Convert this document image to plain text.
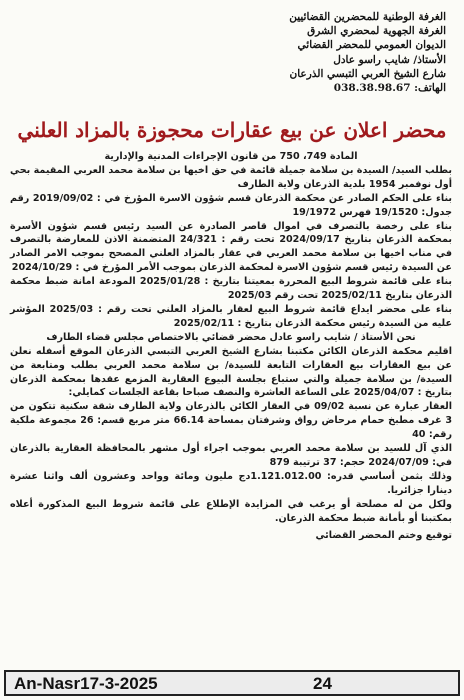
الغرفة الوطنية للمحضرين القضائيين
الغرفة الجهوية لمحضري الشرق
الديوان العمومي للمحضر القضائي
الأستاذ/ شايب راسو عادل
شارع الشيخ العربي التبسي الذرعان
الهاتف: 038.38.98.67
محضر اعلان عن بيع عقارات محجوزة بالمزاد العلني

المادة 749، 750 من قانون الإجراءات المدنية والإدارية

بطلب السيد/ السيدة بن سلامة جميلة قائمة في حق اخيها بن سلامة محمد العربي المقيمة بحي أول نوفمبر 1954 بلدية الذرعان ولاية الطارف

بناء على الحكم الصادر عن محكمة الذرعان قسم شؤون الاسرة المؤرخ في : 2019/09/02 رقم جدول: 19/1520 فهرس 19/1972

بناء على رخصة بالتصرف في اموال قاصر الصادرة عن السيد رئيس قسم شؤون الأسرة بمحكمة الذرعان بتاريخ 2024/09/17 تحت رقم : 24/321 المتضمنة الاذن للمعارضة بالتصرف في مناب اخيها بن سلامة محمد العربي في عقار بالمزاد العلني المصحح بموجب الامر الصادر عن السيدة رئيس قسم شؤون الاسرة لمحكمة الذرعان بموجب الأمر المؤرخ في : 2024/10/29

بناء على قائمة شروط البيع المحررة بمعيتنا بتاريخ : 2025/01/28 المودعة امانة ضبط محكمة الذرعان بتاريخ 2025/02/11 تحت رقم 2025/03

بناء على محضر ايداع قائمة شروط البيع لعقار بالمزاد العلني تحت رقم : 2025/03 المؤشر عليه من السيدة رئيس محكمة الذرعان بتاريخ : 2025/02/11

نحن الأستاذ / شايب راسو عادل محضر قضائي بالاختصاص مجلس قضاء الطارف

اقليم محكمة الذرعان الكائن مكتبنا بشارع الشيخ العربي التبسي الذرعان الموقع أسفله نعلن عن بيع العقارات بيع العقارات التابعة للسيدة/ بن سلامة محمد العربي بطلب ومتابعة من السيدة/ بن سلامة جميلة والتي ستباع بجلسة البيوع العقارية المزمع عقدها بمحكمة الذرعان بتاريخ : 2025/04/07 على الساعة العاشرة والنصف صباحا بقاعة الجلسات كمايلي:

العقار عبارة عن نسبة 09/02 في العقار الكائن بالذرعان ولاية الطارف شقة سكنية تتكون من 3 غرف مطبخ حمام مرحاض رواق وشرفتان بمساحة 66.14 متر مربع قسم: 26 مجموعة ملكية رقم: 40

الذي آل للسيد بن سلامة محمد العربي بموجب اجراء أول مشهر بالمحافظة العقارية بالذرعان في: 2024/07/09 حجم: 37 ترتيبة 879

وذلك بثمن أساسي قدره: 1.121.012.00دج مليون ومائة وواحد وعشرون ألف واثنا عشرة دينارا جزائريا.

ولكل من له مصلحة أو يرغب في المزايدة الإطلاع على قائمة شروط البيع المذكورة أعلاه بمكتبنا أو بأمانة ضبط محكمة الذرعان.

توقيع وختم المحضر القضائي

An-Nasr17-3-2025	24
